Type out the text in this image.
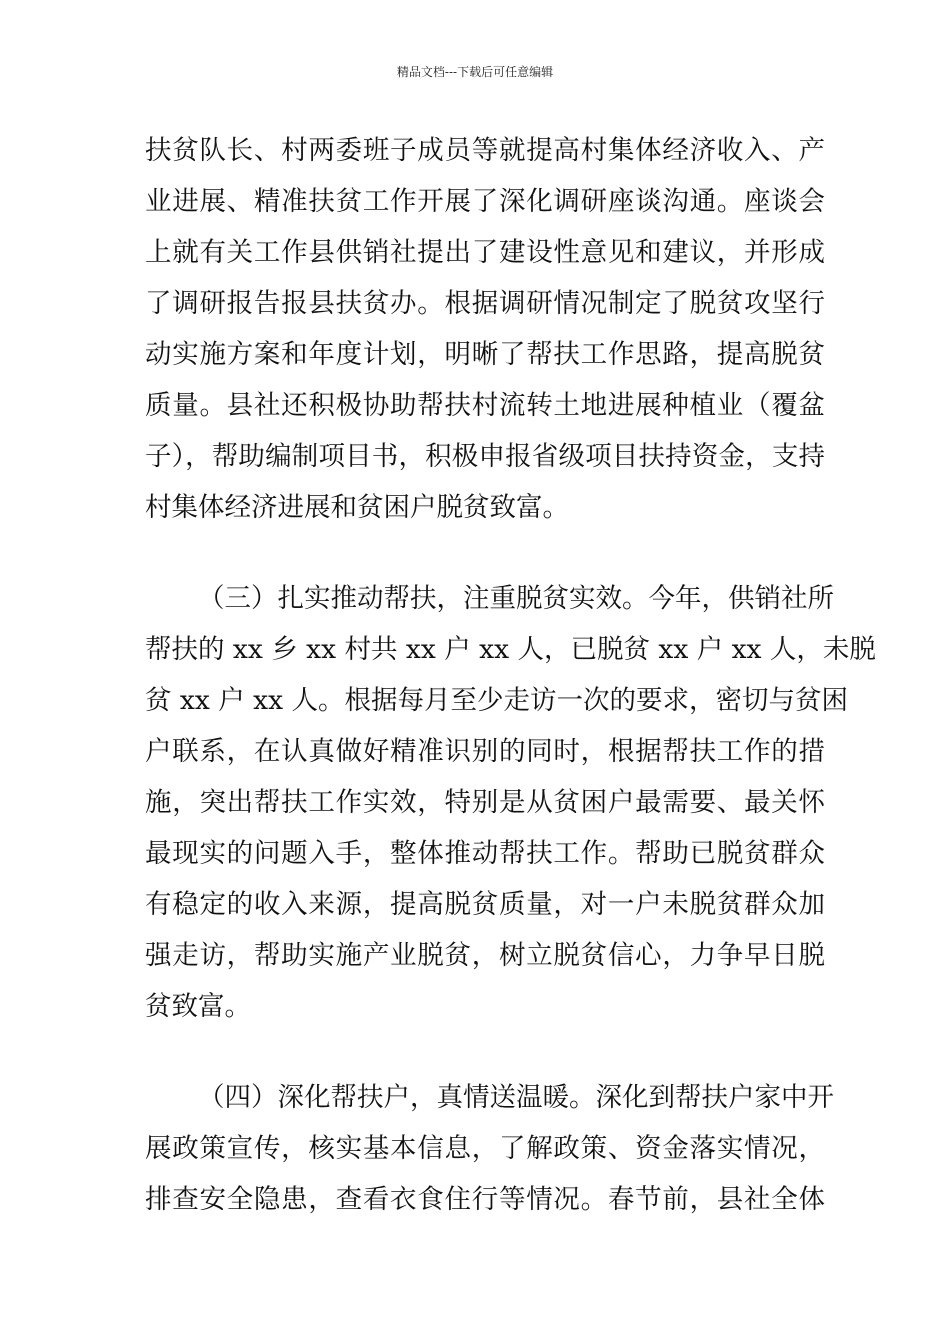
精品文档---下载后可任意编辑
扶贫队长、村两委班子成员等就提高村集体经济收入、产
业进展、精准扶贫工作开展了深化调研座谈沟通。座谈会
上就有关工作县供销社提出了建设性意见和建议，并形成
了调研报告报县扶贫办。根据调研情况制定了脱贫攻坚行
动实施方案和年度计划，明晰了帮扶工作思路，提高脱贫
质量。县社还积极协助帮扶村流转土地进展种植业（覆盆
子），帮助编制项目书，积极申报省级项目扶持资金，支持
村集体经济进展和贫困户脱贫致富。
（三）扎实推动帮扶，注重脱贫实效。今年，供销社所
帮扶的 xx 乡 xx 村共 xx 户 xx 人，已脱贫 xx 户 xx 人，未脱
贫 xx 户 xx 人。根据每月至少走访一次的要求，密切与贫困
户联系，在认真做好精准识别的同时，根据帮扶工作的措
施，突出帮扶工作实效，特别是从贫困户最需要、最关怀
最现实的问题入手，整体推动帮扶工作。帮助已脱贫群众
有稳定的收入来源，提高脱贫质量，对一户未脱贫群众加
强走访，帮助实施产业脱贫，树立脱贫信心，力争早日脱
贫致富。
（四）深化帮扶户，真情送温暖。深化到帮扶户家中开
展政策宣传，核实基本信息，了解政策、资金落实情况，
排查安全隐患，查看衣食住行等情况。春节前，县社全体
